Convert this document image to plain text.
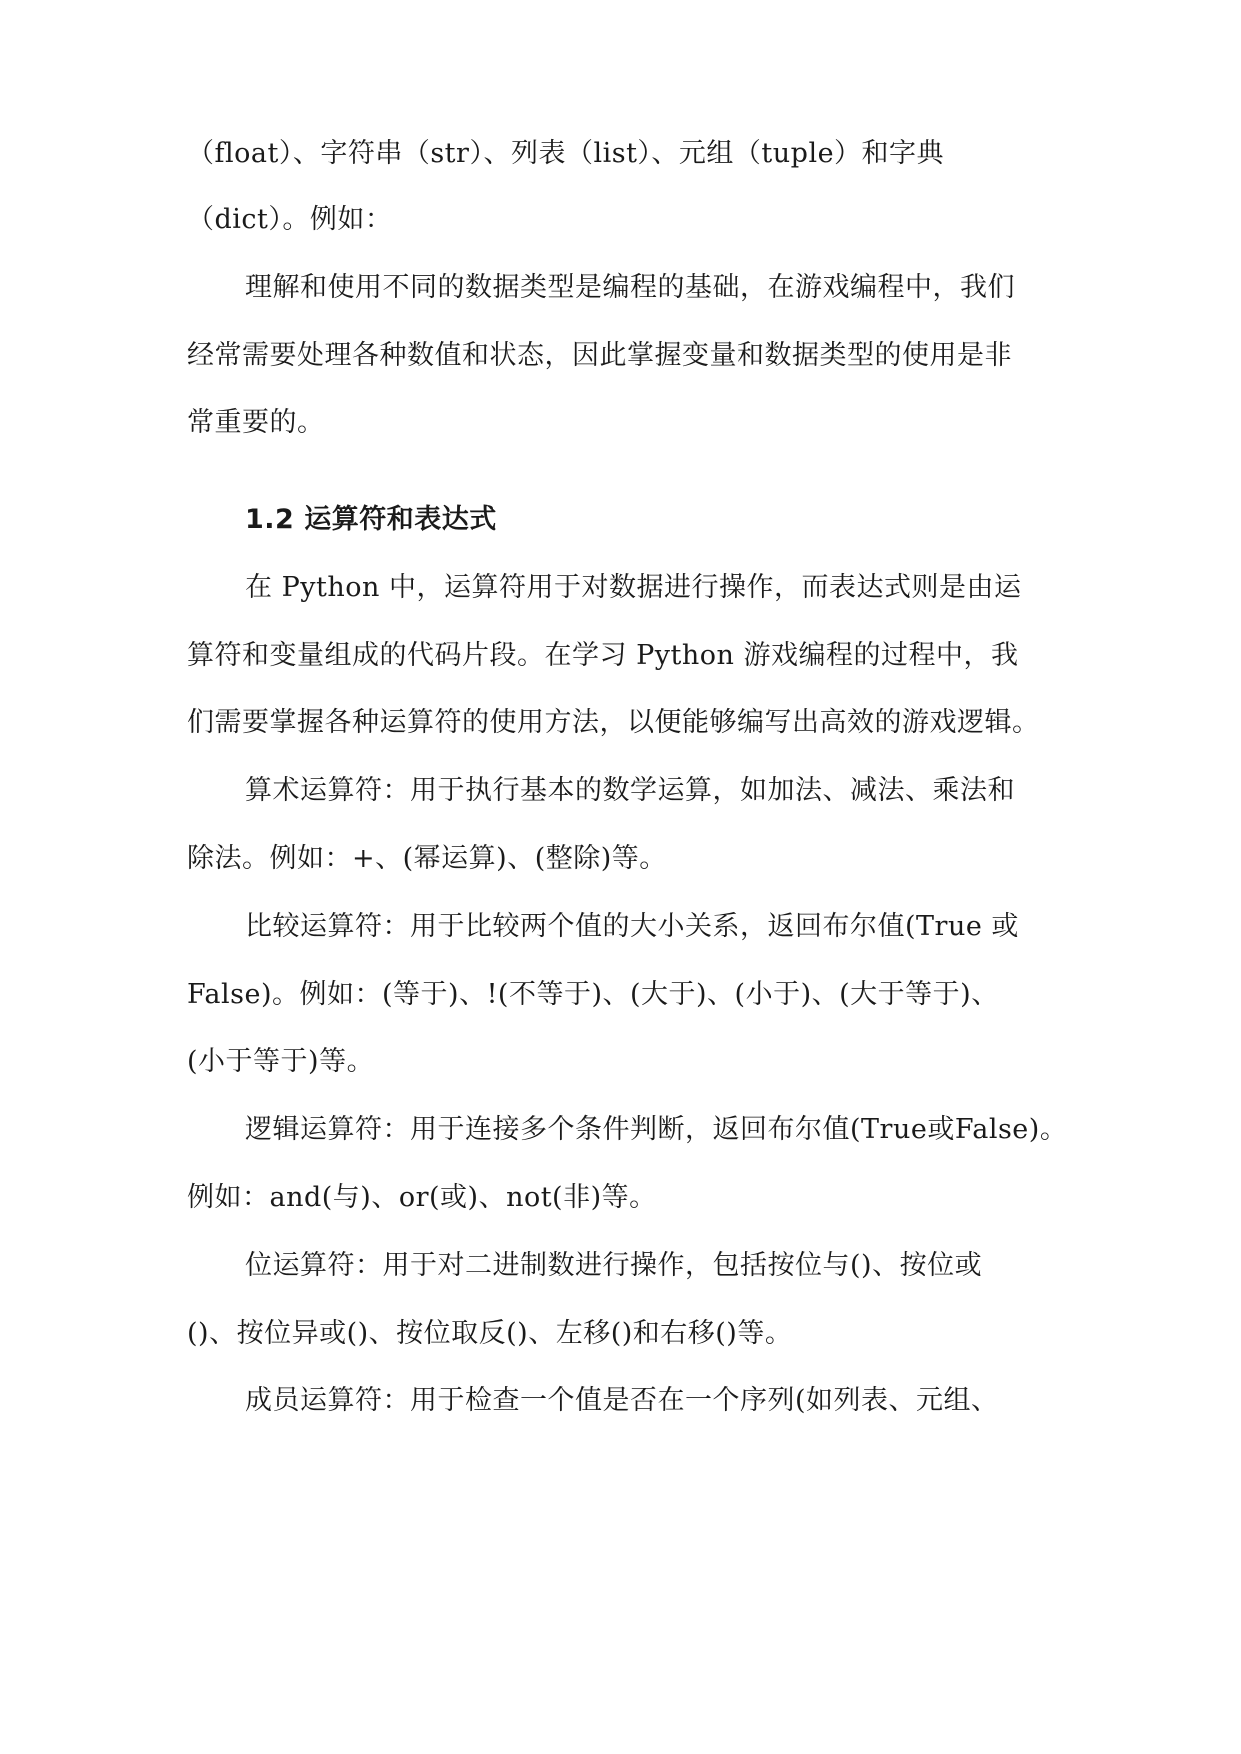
（float）、字符串（str）、列表（list）、元组（tuple）和字典
（dict）。例如：
理解和使用不同的数据类型是编程的基础，在游戏编程中，我们
经常需要处理各种数值和状态，因此掌握变量和数据类型的使用是非
常重要的。
1.2 运算符和表达式
在 Python 中，运算符用于对数据进行操作，而表达式则是由运
算符和变量组成的代码片段。在学习 Python 游戏编程的过程中，我
们需要掌握各种运算符的使用方法，以便能够编写出高效的游戏逻辑。
算术运算符：用于执行基本的数学运算，如加法、减法、乘法和
除法。例如：+、(幂运算)、(整除)等。
比较运算符：用于比较两个值的大小关系，返回布尔值(True 或
False)。例如：(等于)、!(不等于)、(大于)、(小于)、(大于等于)、
(小于等于)等。
逻辑运算符：用于连接多个条件判断，返回布尔值(True或False)。
例如：and(与)、or(或)、not(非)等。
位运算符：用于对二进制数进行操作，包括按位与()、按位或
()、按位异或()、按位取反()、左移()和右移()等。
成员运算符：用于检查一个值是否在一个序列(如列表、元组、
